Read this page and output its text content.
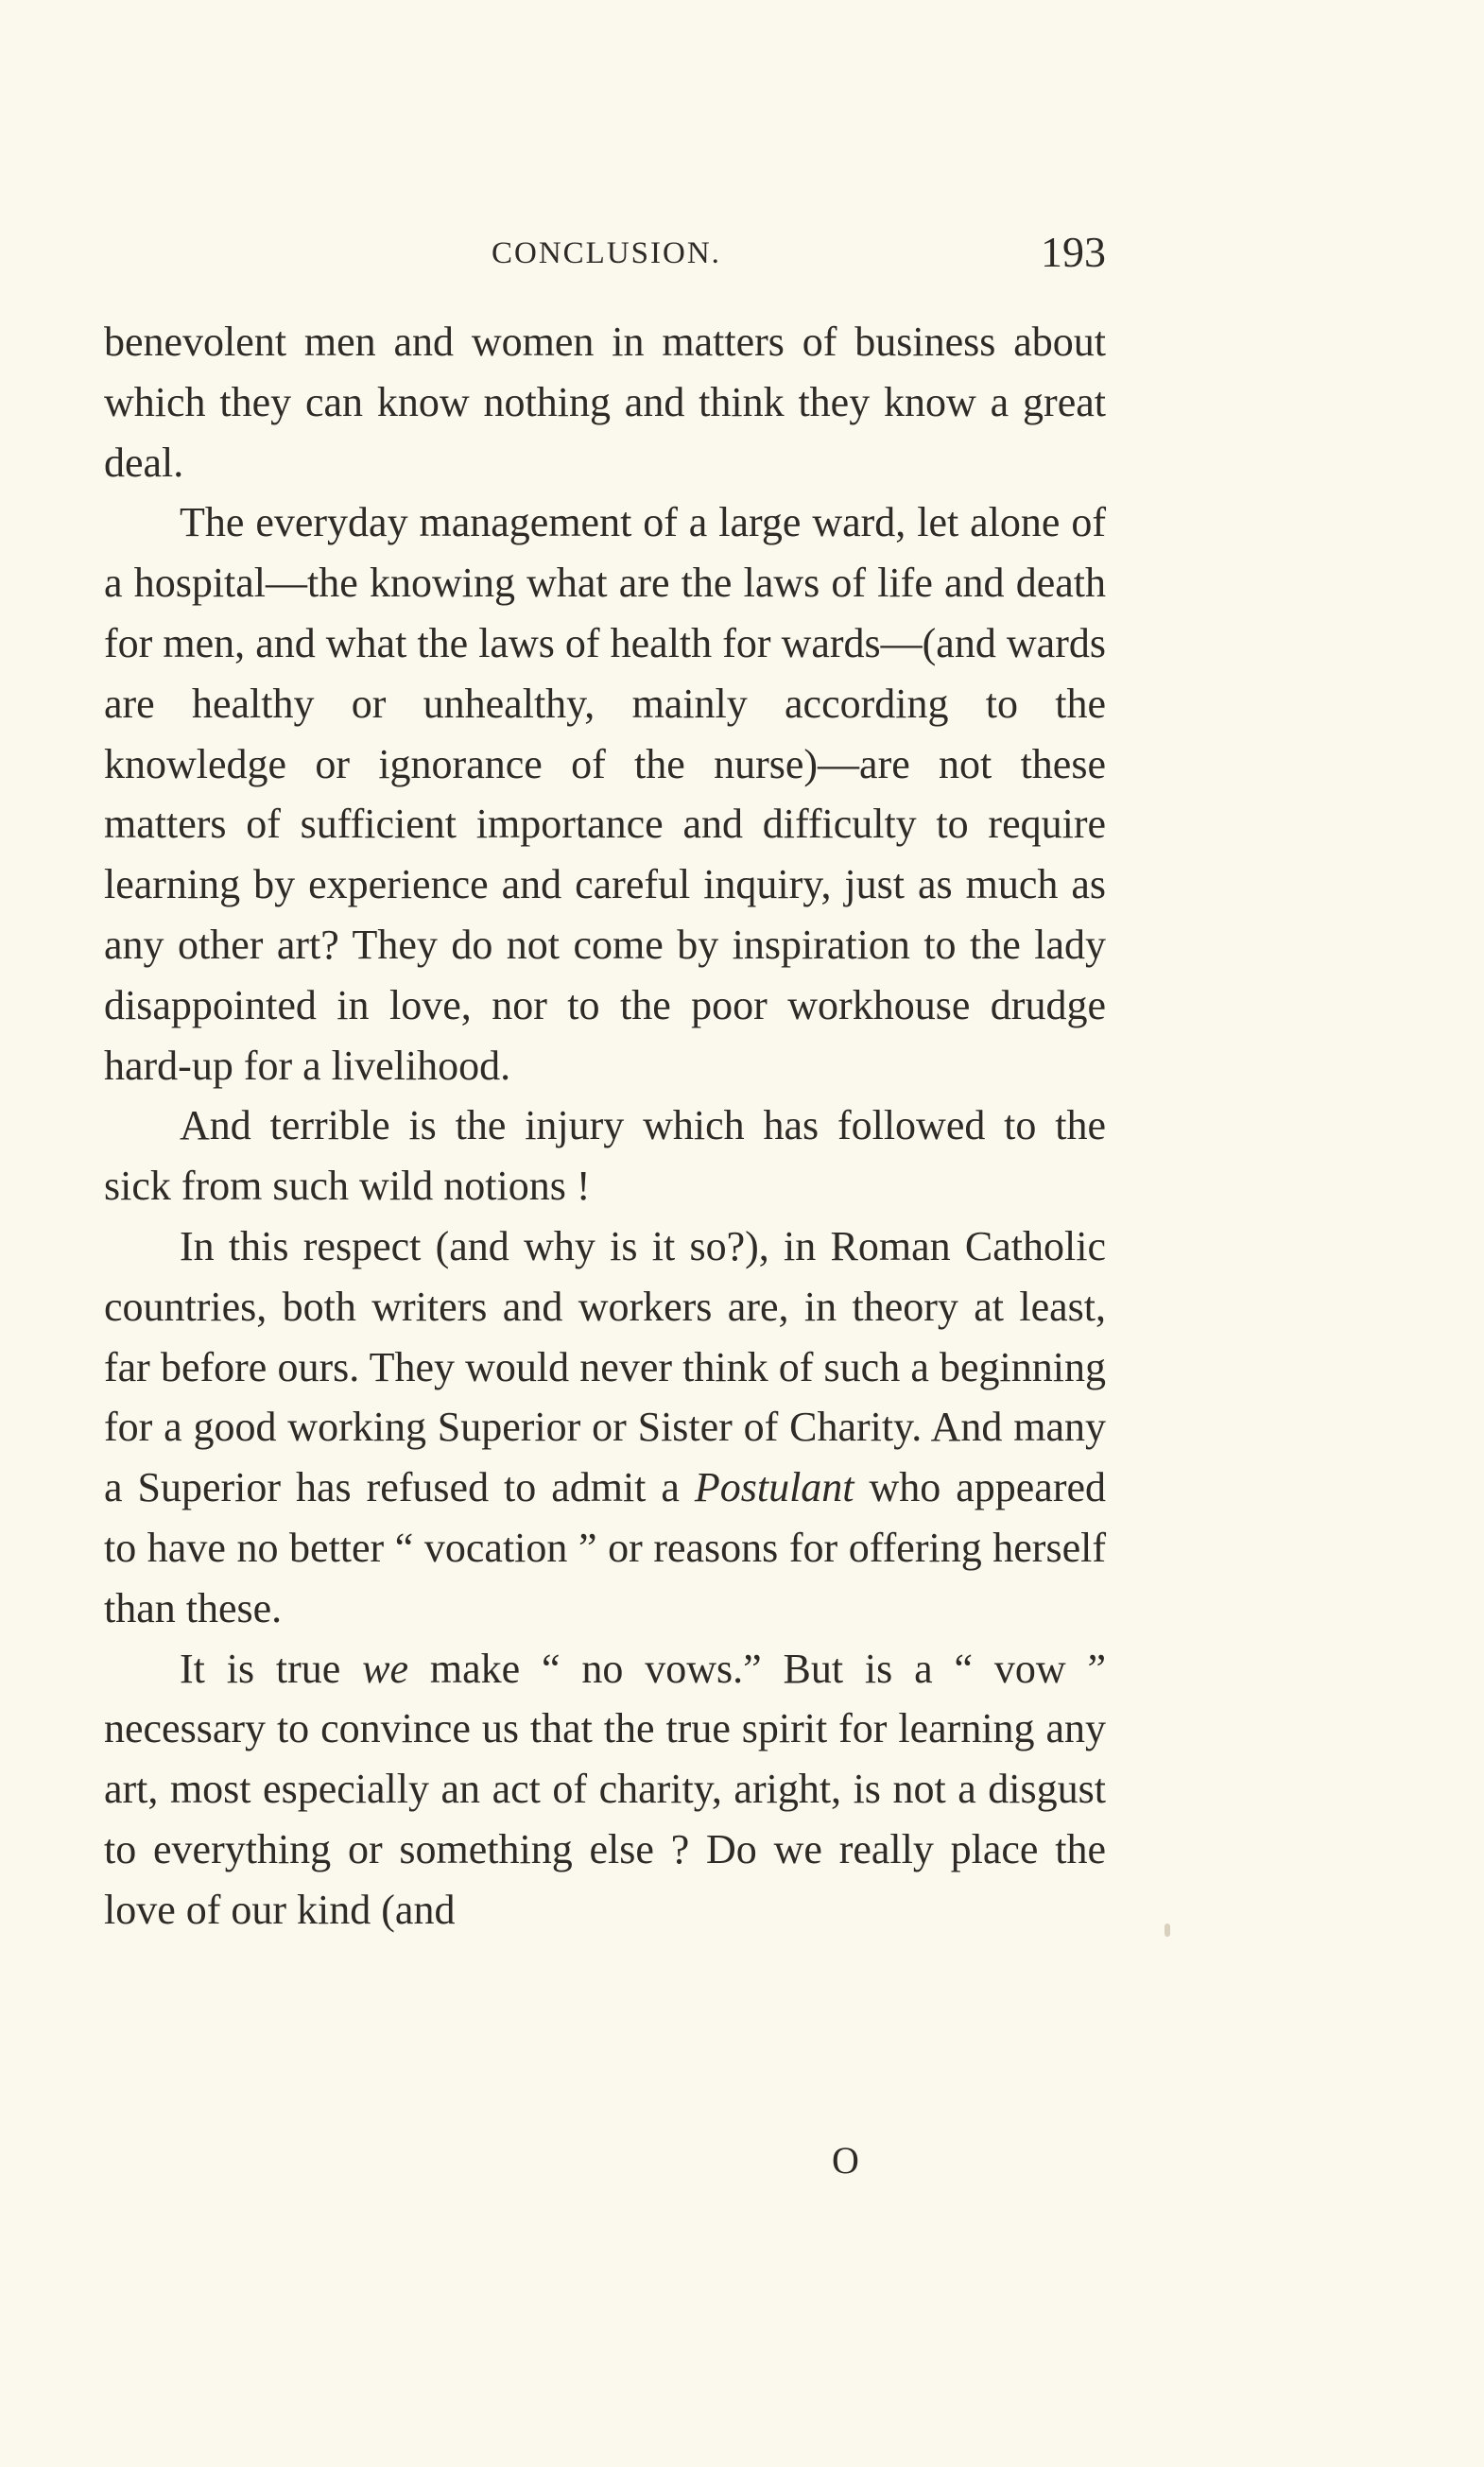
CONCLUSION.	193

benevolent men and women in matters of business about which they can know nothing and think they know a great deal.

The everyday management of a large ward, let alone of a hospital—the knowing what are the laws of life and death for men, and what the laws of health for wards—(and wards are healthy or unhealthy, mainly according to the knowledge or ignorance of the nurse)—are not these matters of sufficient importance and difficulty to require learning by experience and careful inquiry, just as much as any other art? They do not come by inspiration to the lady disappointed in love, nor to the poor workhouse drudge hard-up for a livelihood.

And terrible is the injury which has followed to the sick from such wild notions !

In this respect (and why is it so?), in Roman Catholic countries, both writers and workers are, in theory at least, far before ours. They would never think of such a beginning for a good working Superior or Sister of Charity. And many a Superior has refused to admit a Postulant who appeared to have no better “ vocation ” or reasons for offering herself than these.

It is true we make “ no vows.” But is a “ vow ” necessary to convince us that the true spirit for learning any art, most especially an act of charity, aright, is not a disgust to everything or something else ? Do we really place the love of our kind (and

O
